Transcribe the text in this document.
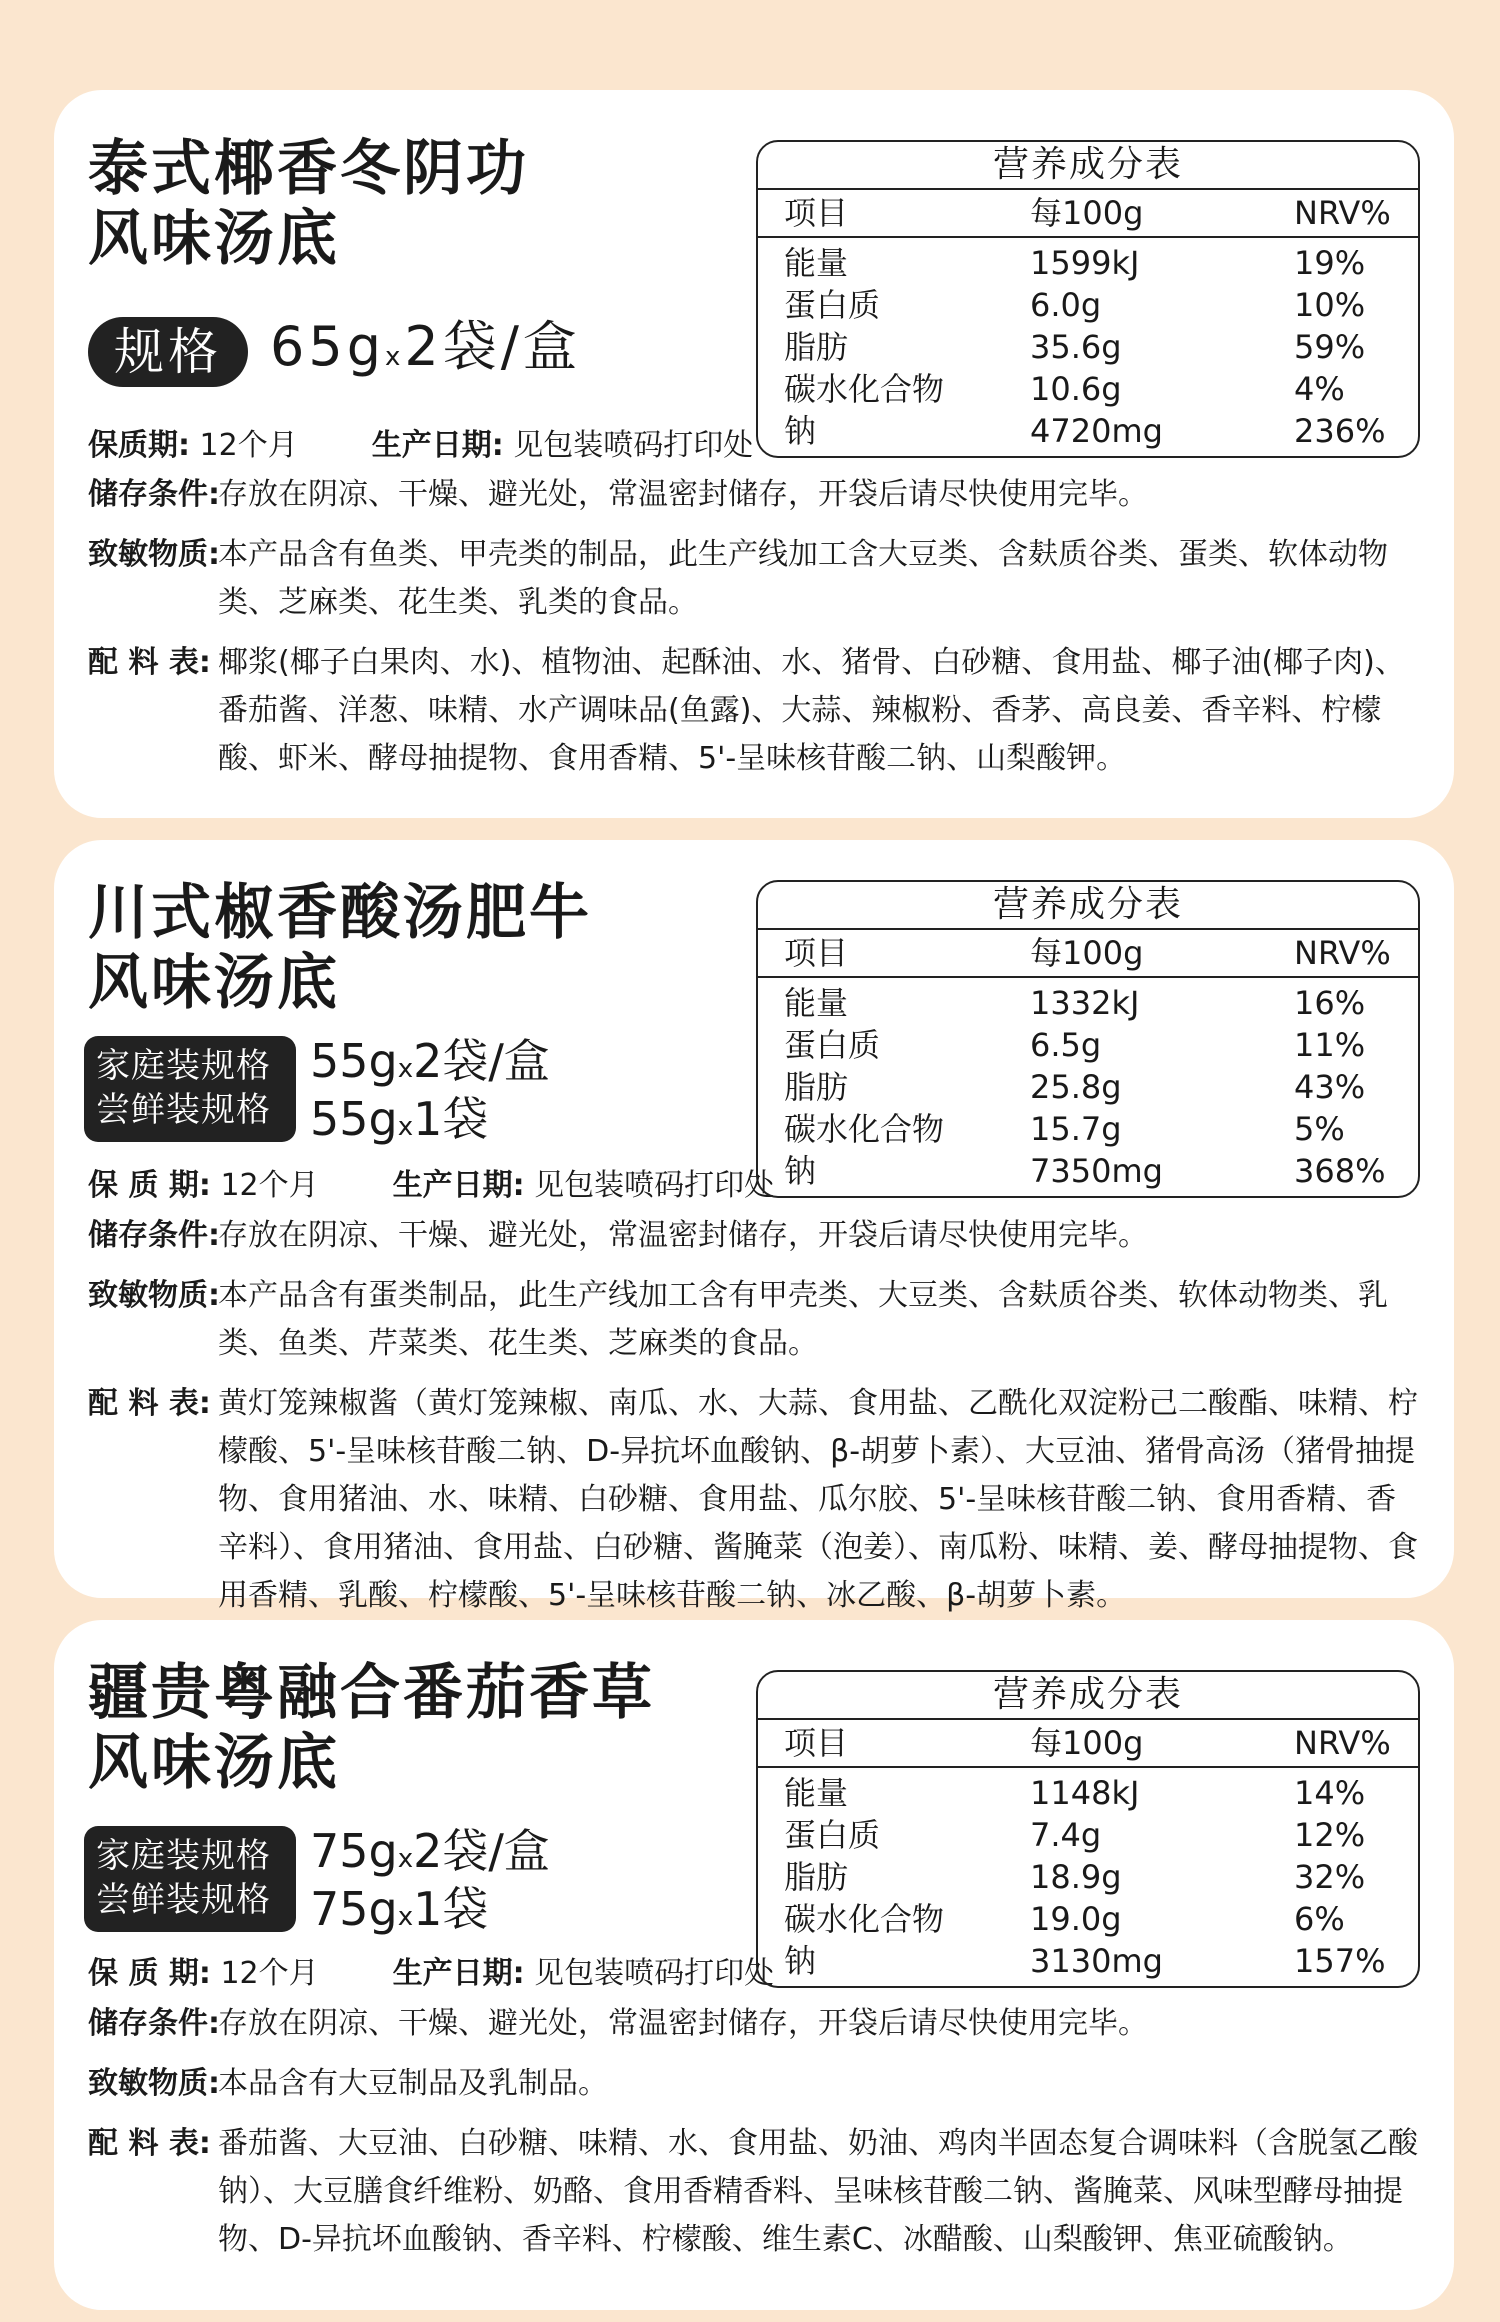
泰式椰香冬阴功
风味汤底
规格 65gx2袋/盒
保质期: 12个月 生产日期: 见包装喷码打印处
储存条件:
存放在阴凉、干燥、避光处，常温密封储存，开袋后请尽快使用完毕。
致敏物质:
本产品含有鱼类、甲壳类的制品，此生产线加工含大豆类、含麸质谷类、蛋类、软体动物类、芝麻类、花生类、乳类的食品。
配 料 表: 椰浆(椰子白果肉、水)、植物油、起酥油、水、猪骨、白砂糖、食用盐、椰子油(椰子肉)、番茄酱、洋葱、味精、水产调味品(鱼露)、大蒜、辣椒粉、香茅、高良姜、香辛料、柠檬酸、虾米、酵母抽提物、食用香精、5'-呈味核苷酸二钠、山梨酸钾。
营养成分表
项目	每100g	NRV%
能量	1599kJ	19%
蛋白质	6.0g	10%
脂肪	35.6g	59%
碳水化合物	10.6g	4%
钠	4720mg	236%
川式椒香酸汤肥牛
风味汤底
家庭装规格
尝鲜装规格
55gx2袋/盒
55gx1袋
保 质 期: 12个月 生产日期: 见包装喷码打印处
储存条件:
存放在阴凉、干燥、避光处，常温密封储存，开袋后请尽快使用完毕。
致敏物质:
本产品含有蛋类制品，此生产线加工含有甲壳类、大豆类、含麸质谷类、软体动物类、乳类、鱼类、芹菜类、花生类、芝麻类的食品。
配 料 表: 黄灯笼辣椒酱（黄灯笼辣椒、南瓜、水、大蒜、食用盐、乙酰化双淀粉己二酸酯、味精、柠檬酸、5'-呈味核苷酸二钠、D-异抗坏血酸钠、β-胡萝卜素）、大豆油、猪骨高汤（猪骨抽提物、食用猪油、水、味精、白砂糖、食用盐、瓜尔胶、5'-呈味核苷酸二钠、食用香精、香辛料）、食用猪油、食用盐、白砂糖、酱腌菜（泡姜）、南瓜粉、味精、姜、酵母抽提物、食用香精、乳酸、柠檬酸、5'-呈味核苷酸二钠、冰乙酸、β-胡萝卜素。
营养成分表
项目	每100g	NRV%
能量	1332kJ	16%
蛋白质	6.5g	11%
脂肪	25.8g	43%
碳水化合物	15.7g	5%
钠	7350mg	368%
疆贵粤融合番茄香草
风味汤底
家庭装规格
尝鲜装规格
75gx2袋/盒
75gx1袋
保 质 期: 12个月 生产日期: 见包装喷码打印处
储存条件:
存放在阴凉、干燥、避光处，常温密封储存，开袋后请尽快使用完毕。
致敏物质:
本品含有大豆制品及乳制品。
配 料 表: 番茄酱、大豆油、白砂糖、味精、水、食用盐、奶油、鸡肉半固态复合调味料（含脱氢乙酸钠）、大豆膳食纤维粉、奶酪、食用香精香料、呈味核苷酸二钠、酱腌菜、风味型酵母抽提物、D-异抗坏血酸钠、香辛料、柠檬酸、维生素C、冰醋酸、山梨酸钾、焦亚硫酸钠。
营养成分表
项目	每100g	NRV%
能量	1148kJ	14%
蛋白质	7.4g	12%
脂肪	18.9g	32%
碳水化合物	19.0g	6%
钠	3130mg	157%
